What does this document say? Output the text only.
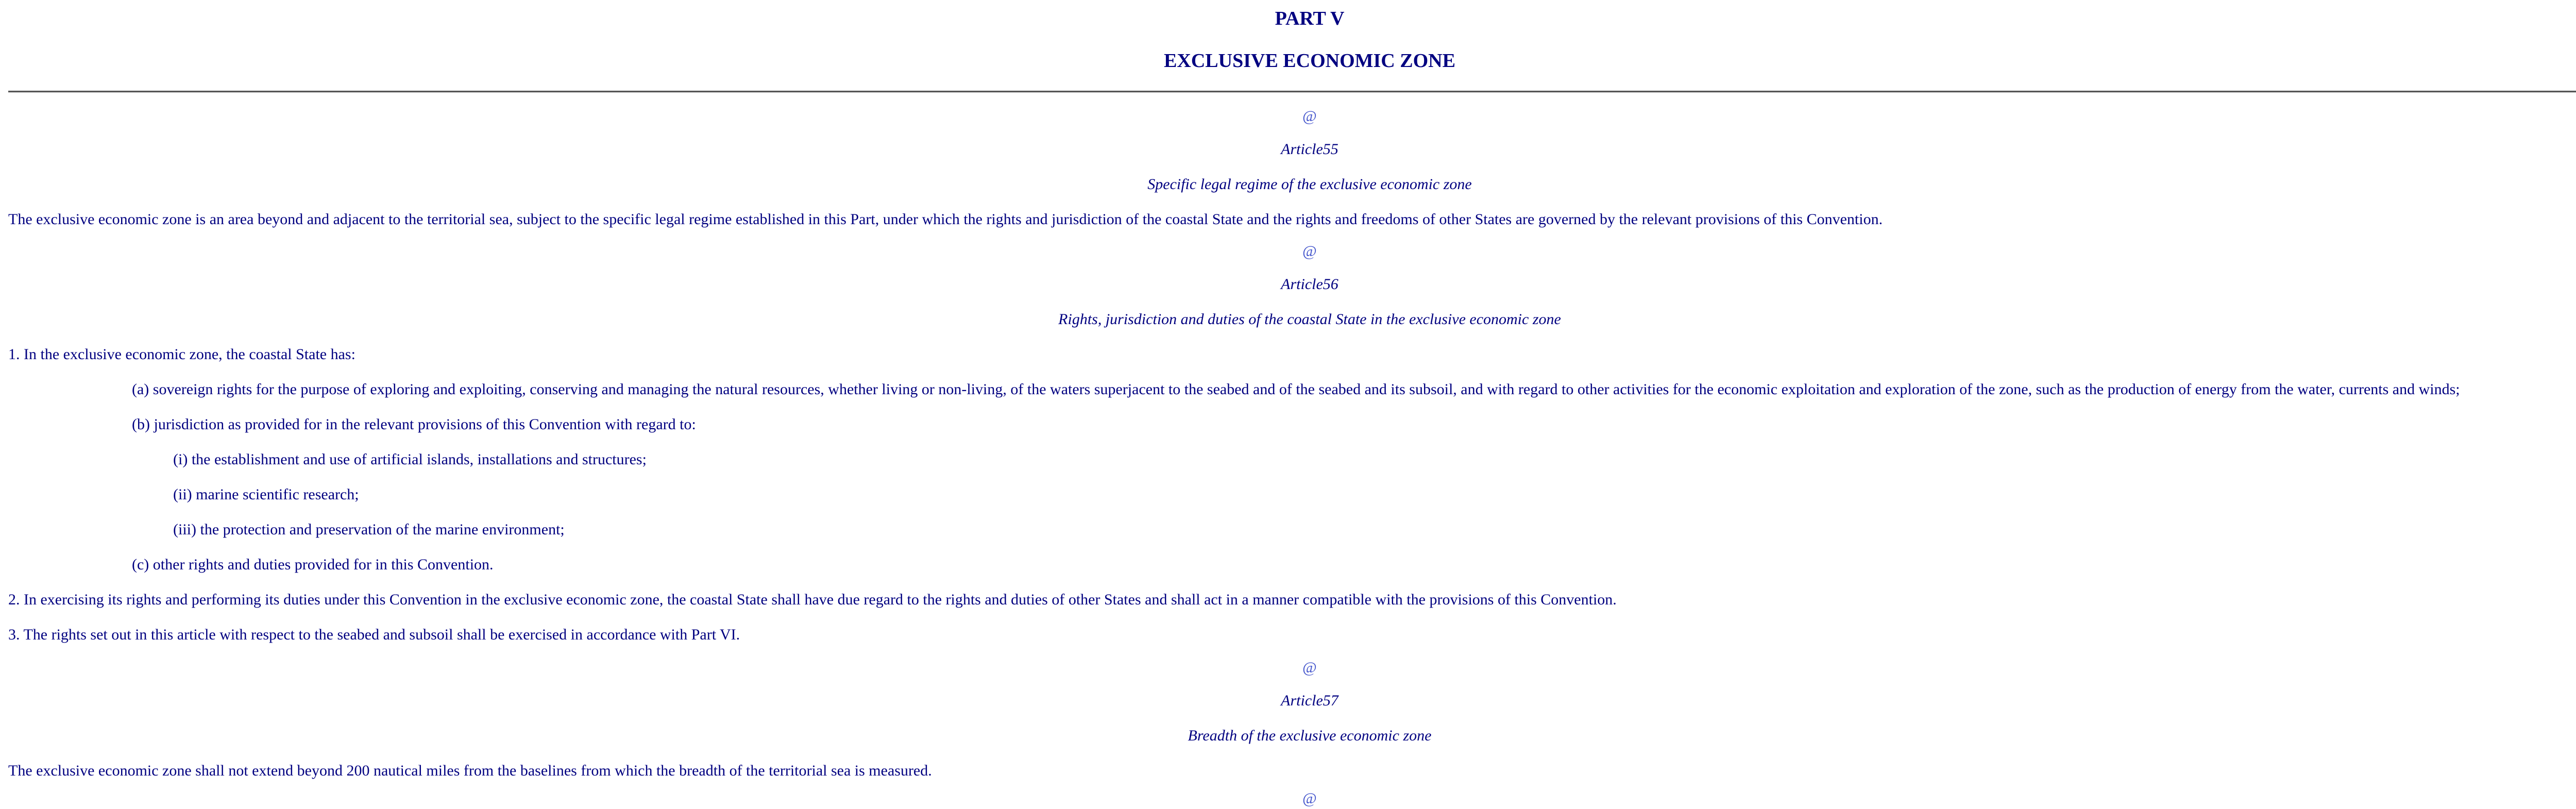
PART V
EXCLUSIVE ECONOMIC ZONE
@
Article55
Specific legal regime of the exclusive economic zone
The exclusive economic zone is an area beyond and adjacent to the territorial sea, subject to the specific legal regime established in this Part, under which the rights and jurisdiction of the coastal State and the rights and freedoms of other States are governed by the relevant provisions of this Convention.
@
Article56
Rights, jurisdiction and duties of the coastal State in the exclusive economic zone
1. In the exclusive economic zone, the coastal State has:
(a) sovereign rights for the purpose of exploring and exploiting, conserving and managing the natural resources, whether living or non-living, of the waters superjacent to the seabed and of the seabed and its subsoil, and with regard to other activities for the economic exploitation and exploration of the zone, such as the production of energy from the water, currents and winds;
(b) jurisdiction as provided for in the relevant provisions of this Convention with regard to:
(i) the establishment and use of artificial islands, installations and structures;
(ii) marine scientific research;
(iii) the protection and preservation of the marine environment;
(c) other rights and duties provided for in this Convention.
2. In exercising its rights and performing its duties under this Convention in the exclusive economic zone, the coastal State shall have due regard to the rights and duties of other States and shall act in a manner compatible with the provisions of this Convention.
3. The rights set out in this article with respect to the seabed and subsoil shall be exercised in accordance with Part VI.
@
Article57
Breadth of the exclusive economic zone
The exclusive economic zone shall not extend beyond 200 nautical miles from the baselines from which the breadth of the territorial sea is measured.
@
